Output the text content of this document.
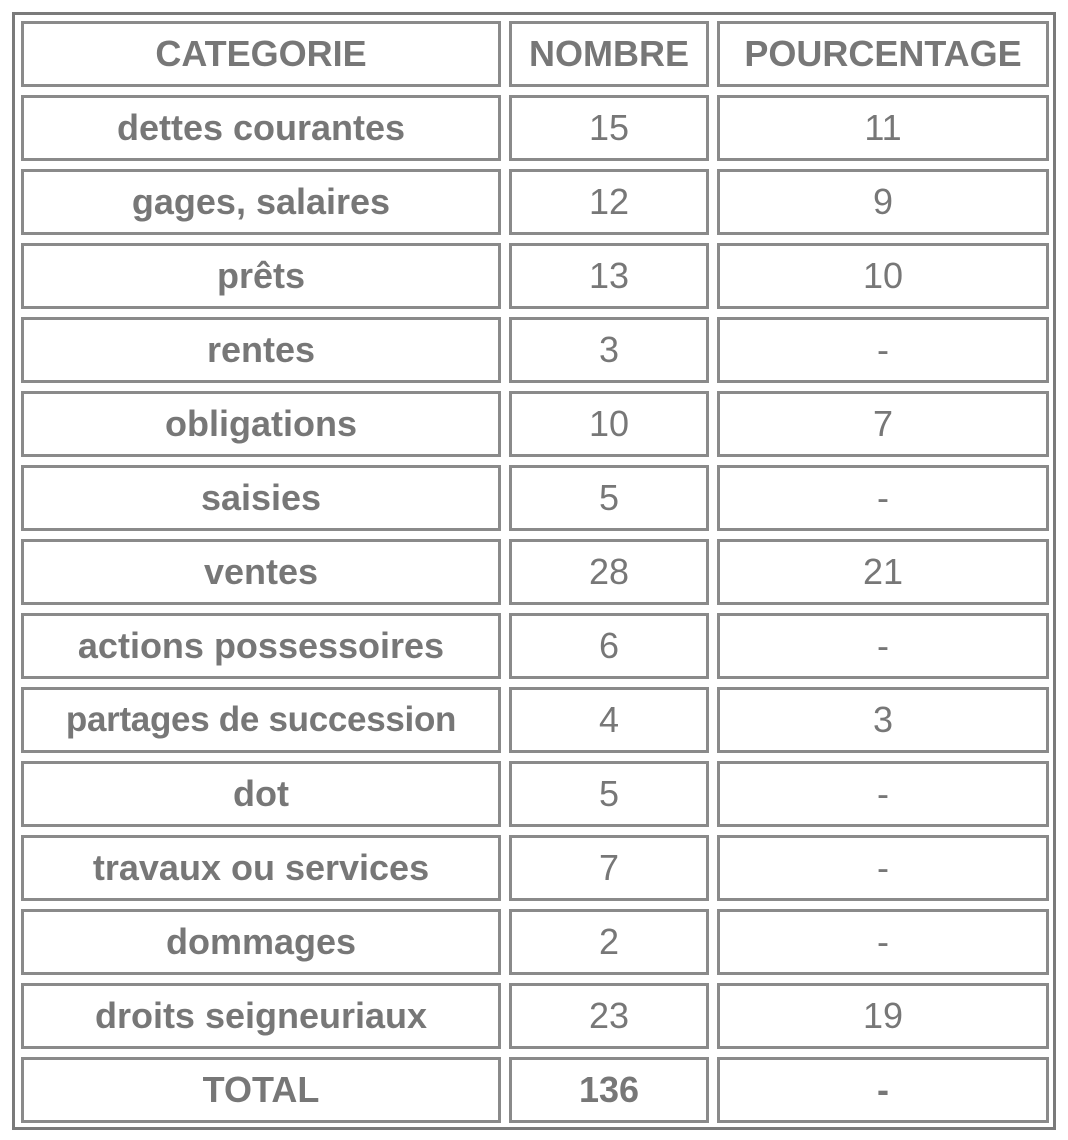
CATEGORIE	NOMBRE	POURCENTAGE
dettes courantes	15	11
gages, salaires	12	9
prêts	13	10
rentes	3	-
obligations	10	7
saisies	5	-
ventes	28	21
actions possessoires	6	-
partages de succession	4	3
dot	5	-
travaux ou services	7	-
dommages	2	-
droits seigneuriaux	23	19
TOTAL	136	-
